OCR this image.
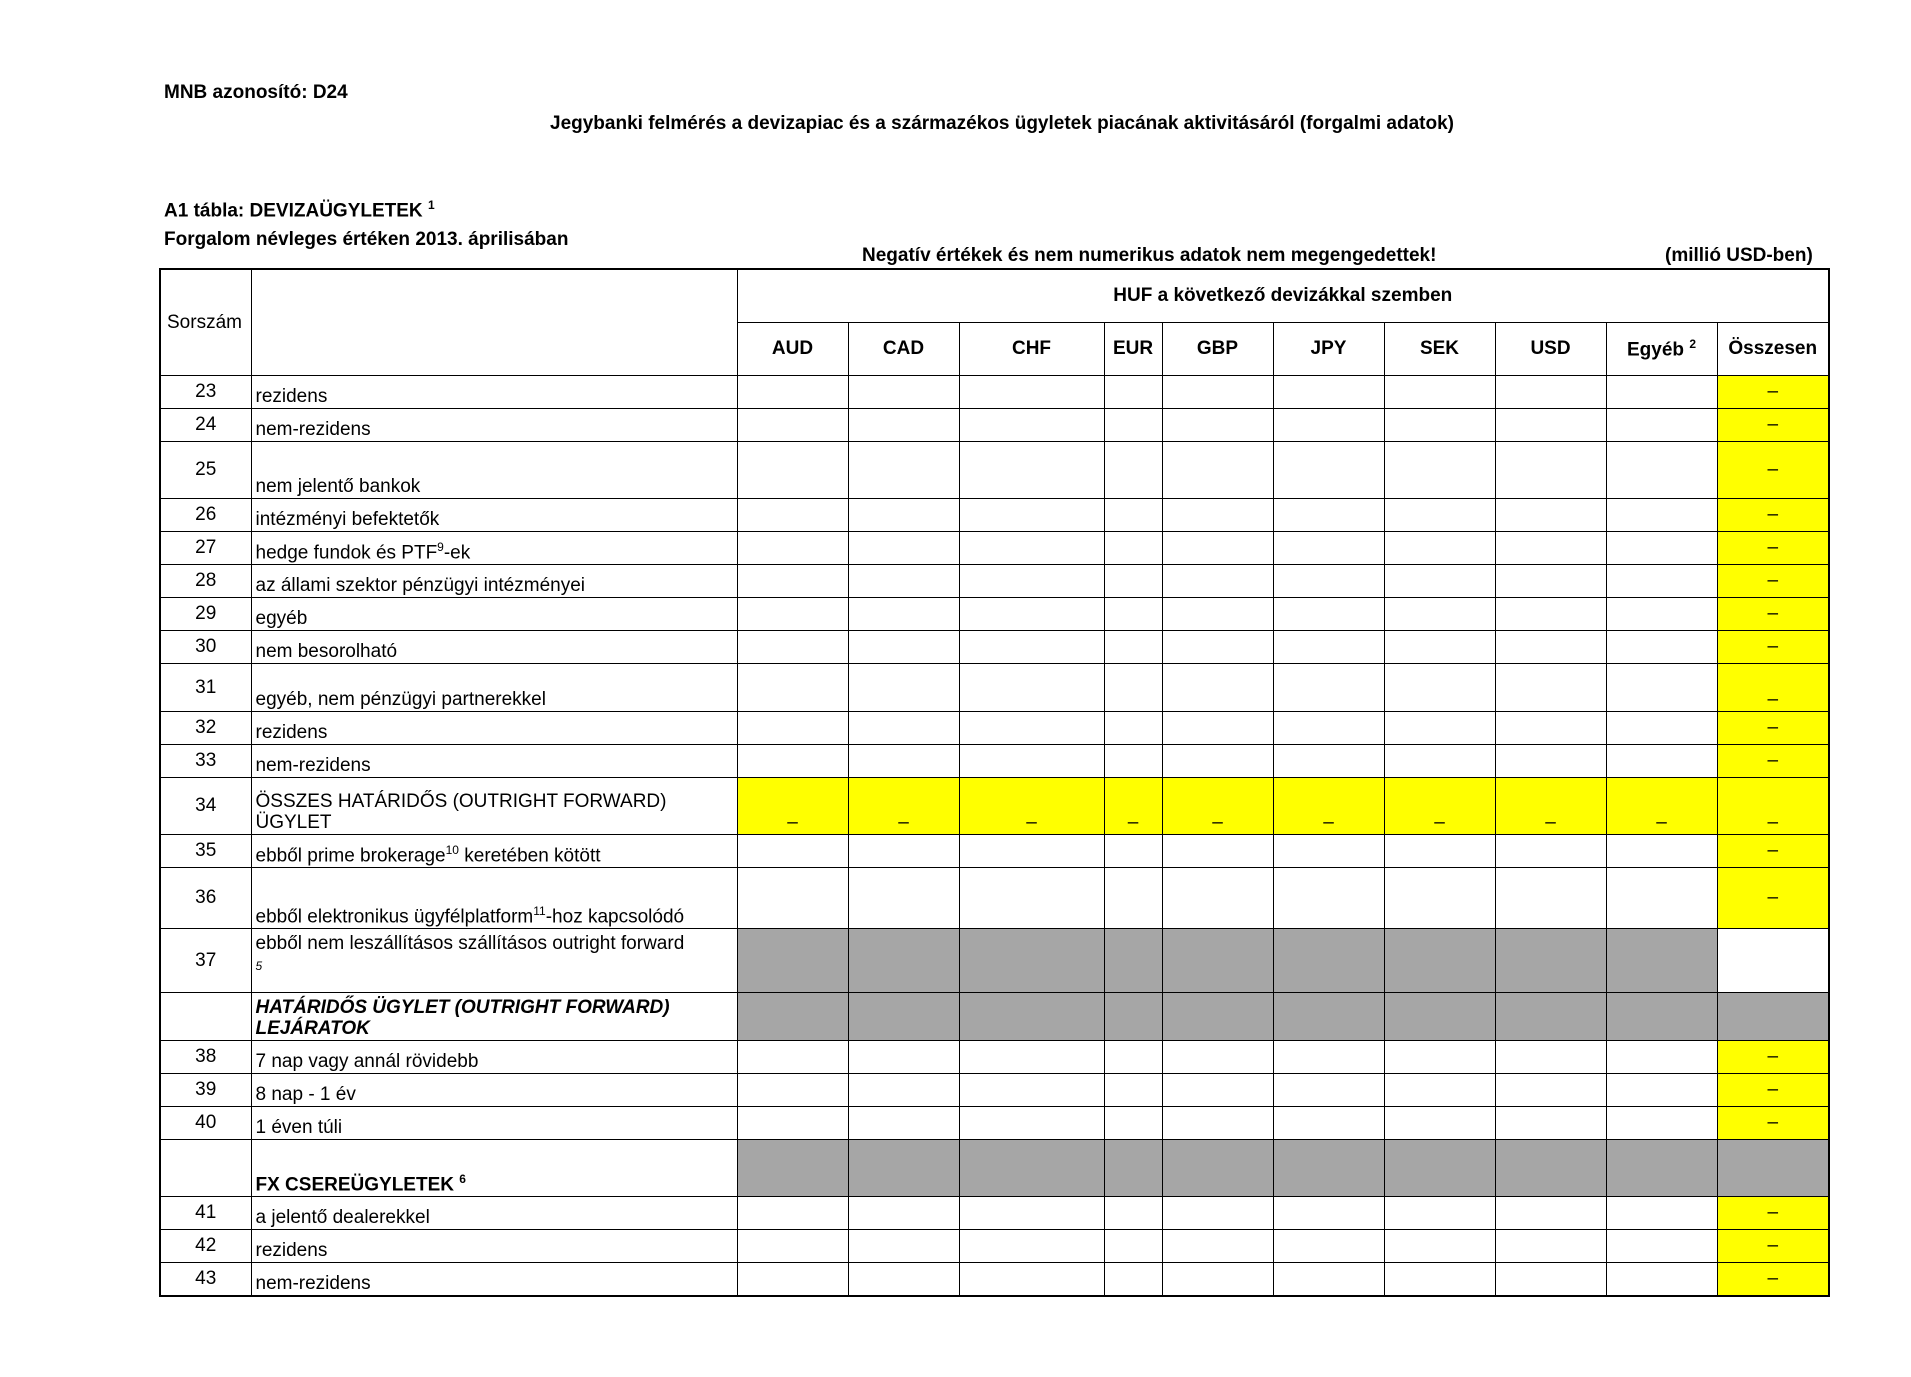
MNB azonosító: D24
Jegybanki felmérés a devizapiac és a származékos ügyletek piacának aktivitásáról (forgalmi adatok)
A1 tábla: DEVIZAÜGYLETEK $^1$
Forgalom névleges értéken 2013. áprilisában
Negatív értékek és nem numerikus adatok nem megengedettek!	(millió USD-ben)
Sorszám		HUF a következő devizákkal szemben									
		AUD	CAD	CHF	EUR	GBP	JPY	SEK	USD	Egyéb $^2$	Összesen
23	rezidens										–
24	nem-rezidens										–
25	nem jelentő bankok										–
26	intézményi befektetők										–
27	hedge fundok és PTF$^9$-ek										–
28	az állami szektor pénzügyi intézményei										–
29	egyéb										–
30	nem besorolható										–
31	egyéb, nem pénzügyi partnerekkel										–
32	rezidens										–
33	nem-rezidens										–
34	ÖSSZES HATÁRIDŐS (OUTRIGHT FORWARD) ÜGYLET	–	–	–	–	–	–	–	–	–	–
35	ebből prime brokerage$^{10}$ keretében kötött										–
36	ebből elektronikus ügyfélplatform$^{11}$-hoz kapcsolódó										–
37	ebből nem leszállításos szállításos outright forward
5										
	HATÁRIDŐS ÜGYLET (OUTRIGHT FORWARD) LEJÁRATOK										
38	7 nap vagy annál rövidebb										–
39	8 nap - 1 év										–
40	1 éven túli										–
	FX CSEREÜGYLETEK $^6$										
41	a jelentő dealerekkel										–
42	rezidens										–
43	nem-rezidens										–
